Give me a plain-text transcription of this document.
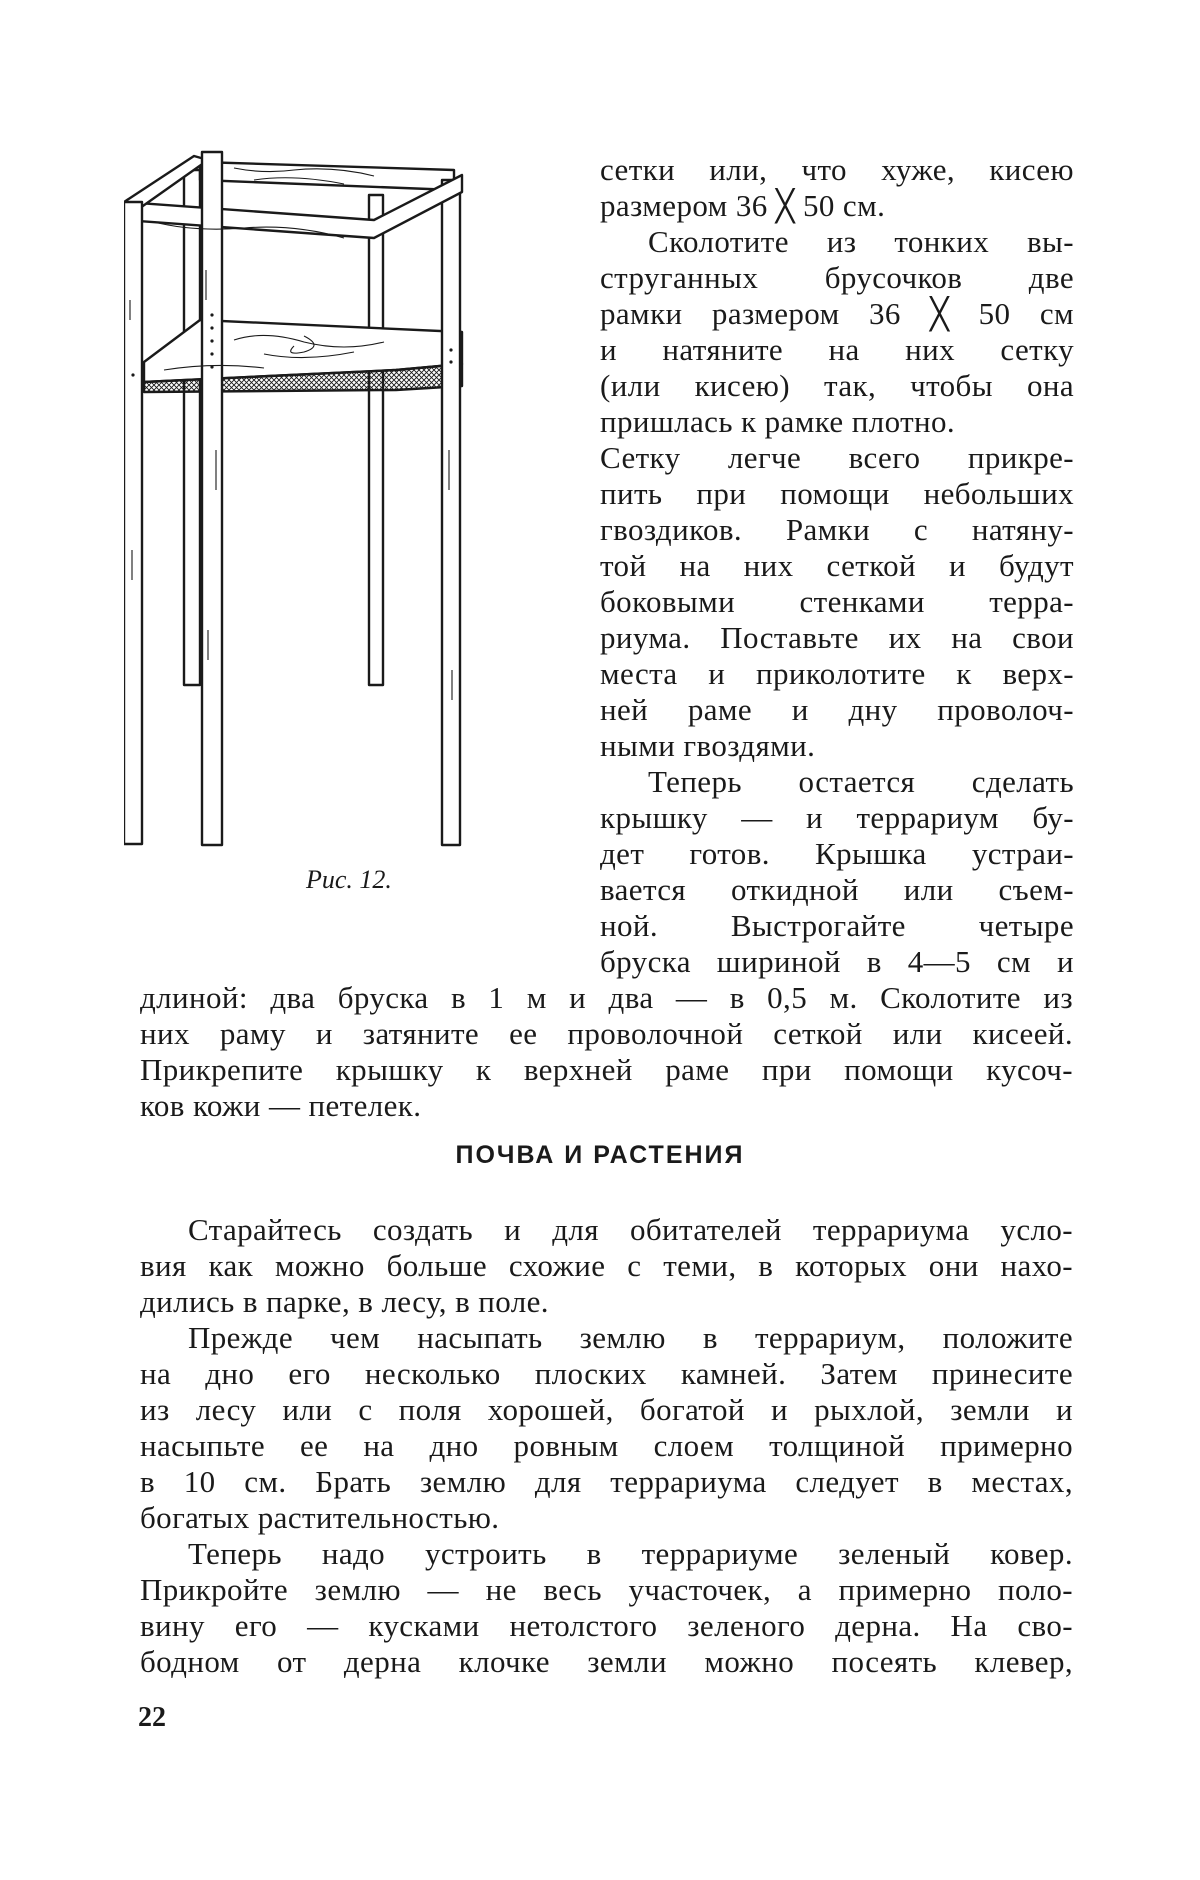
Рис. 12.
сетки или, что хуже, кисею
размером 36 ╳ 50 см.
Сколотите из тонких вы-
струганных брусочков две
рамки размером 36 ╳ 50 см
и натяните на них сетку
(или кисею) так, чтобы она
пришлась к рамке плотно.
Сетку легче всего прикре-
пить при помощи небольших
гвоздиков. Рамки с натяну-
той на них сеткой и будут
боковыми стенками терра-
риума. Поставьте их на свои
места и приколотите к верх-
ней раме и дну проволоч-
ными гвоздями.
Теперь остается сделать
крышку — и террариум бу-
дет готов. Крышка устраи-
вается откидной или съем-
ной. Выстрогайте четыре
бруска шириной в 4—5 см и
длиной: два бруска в 1 м и два — в 0,5 м. Сколотите из
них раму и затяните ее проволочной сеткой или кисеей.
Прикрепите крышку к верхней раме при помощи кусоч-
ков кожи — петелек.
ПОЧВА И РАСТЕНИЯ
Старайтесь создать и для обитателей террариума усло-
вия как можно больше схожие с теми, в которых они нахо-
дились в парке, в лесу, в поле.
Прежде чем насыпать землю в террариум, положите
на дно его несколько плоских камней. Затем принесите
из лесу или с поля хорошей, богатой и рыхлой, земли и
насыпьте ее на дно ровным слоем толщиной примерно
в 10 см. Брать землю для террариума следует в местах,
богатых растительностью.
Теперь надо устроить в террариуме зеленый ковер.
Прикройте землю — не весь участочек, а примерно поло-
вину его — кусками нетолстого зеленого дерна. На сво-
бодном от дерна клочке земли можно посеять клевер,
22
